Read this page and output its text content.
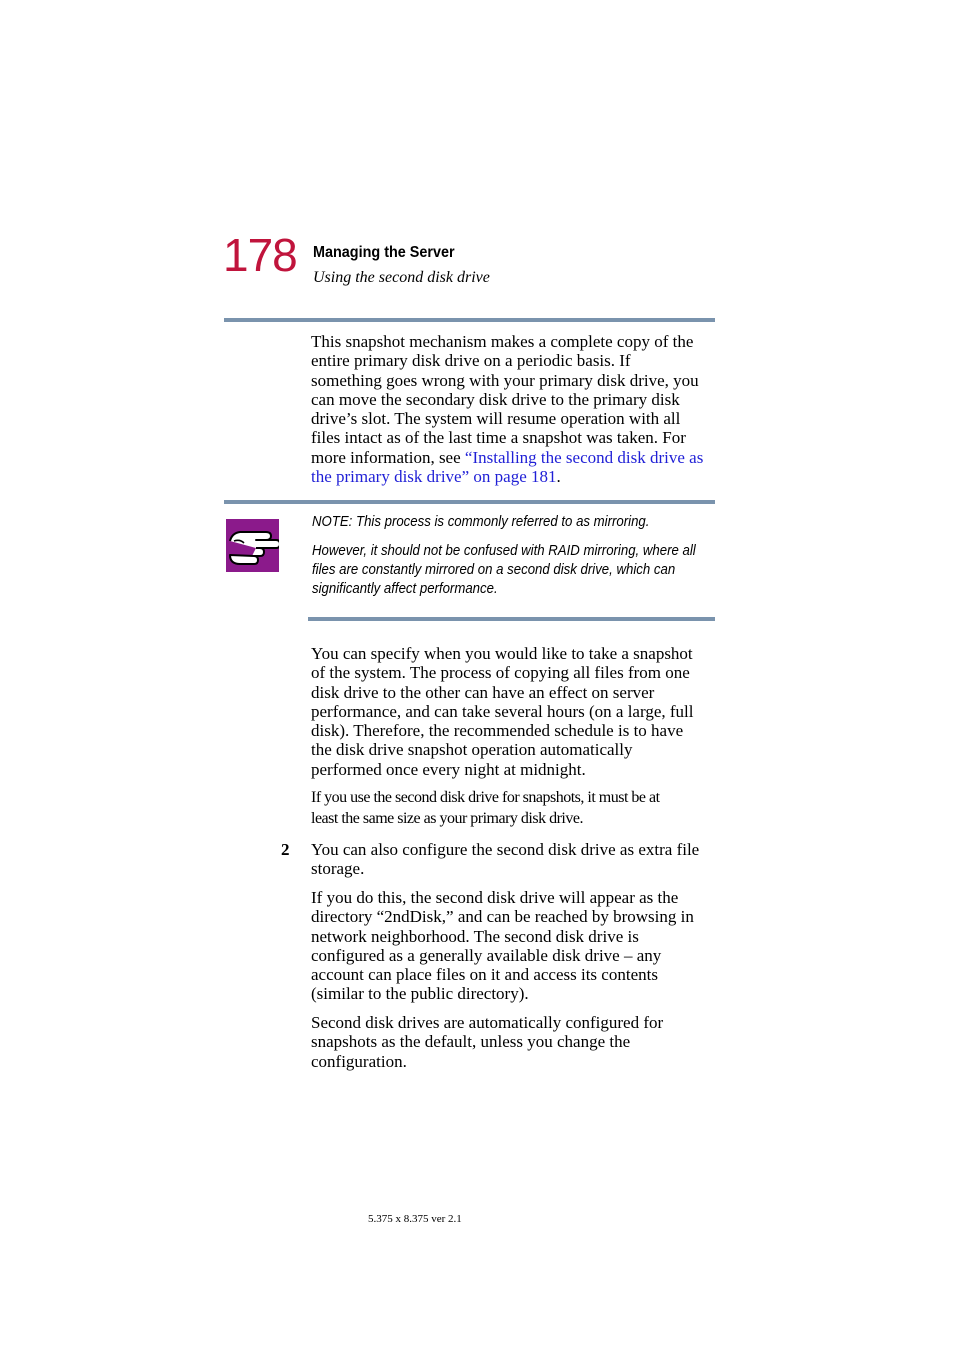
178 Managing the Server
Using the second disk drive
This snapshot mechanism makes a complete copy of the
entire primary disk drive on a periodic basis. If
something goes wrong with your primary disk drive, you
can move the secondary disk drive to the primary disk
drive’s slot. The system will resume operation with all
files intact as of the last time a snapshot was taken. For
more information, see “Installing the second disk drive as
the primary disk drive” on page 181.
NOTE: This process is commonly referred to as mirroring.
However, it should not be confused with RAID mirroring, where all
files are constantly mirrored on a second disk drive, which can
significantly affect performance.
You can specify when you would like to take a snapshot
of the system. The process of copying all files from one
disk drive to the other can have an effect on server
performance, and can take several hours (on a large, full
disk). Therefore, the recommended schedule is to have
the disk drive snapshot operation automatically
performed once every night at midnight.
If you use the second disk drive for snapshots, it must be at
least the same size as your primary disk drive.
2 You can also configure the second disk drive as extra file
storage.
If you do this, the second disk drive will appear as the
directory “2ndDisk,” and can be reached by browsing in
network neighborhood. The second disk drive is
configured as a generally available disk drive – any
account can place files on it and access its contents
(similar to the public directory).
Second disk drives are automatically configured for
snapshots as the default, unless you change the
configuration.
5.375 x 8.375 ver 2.1
